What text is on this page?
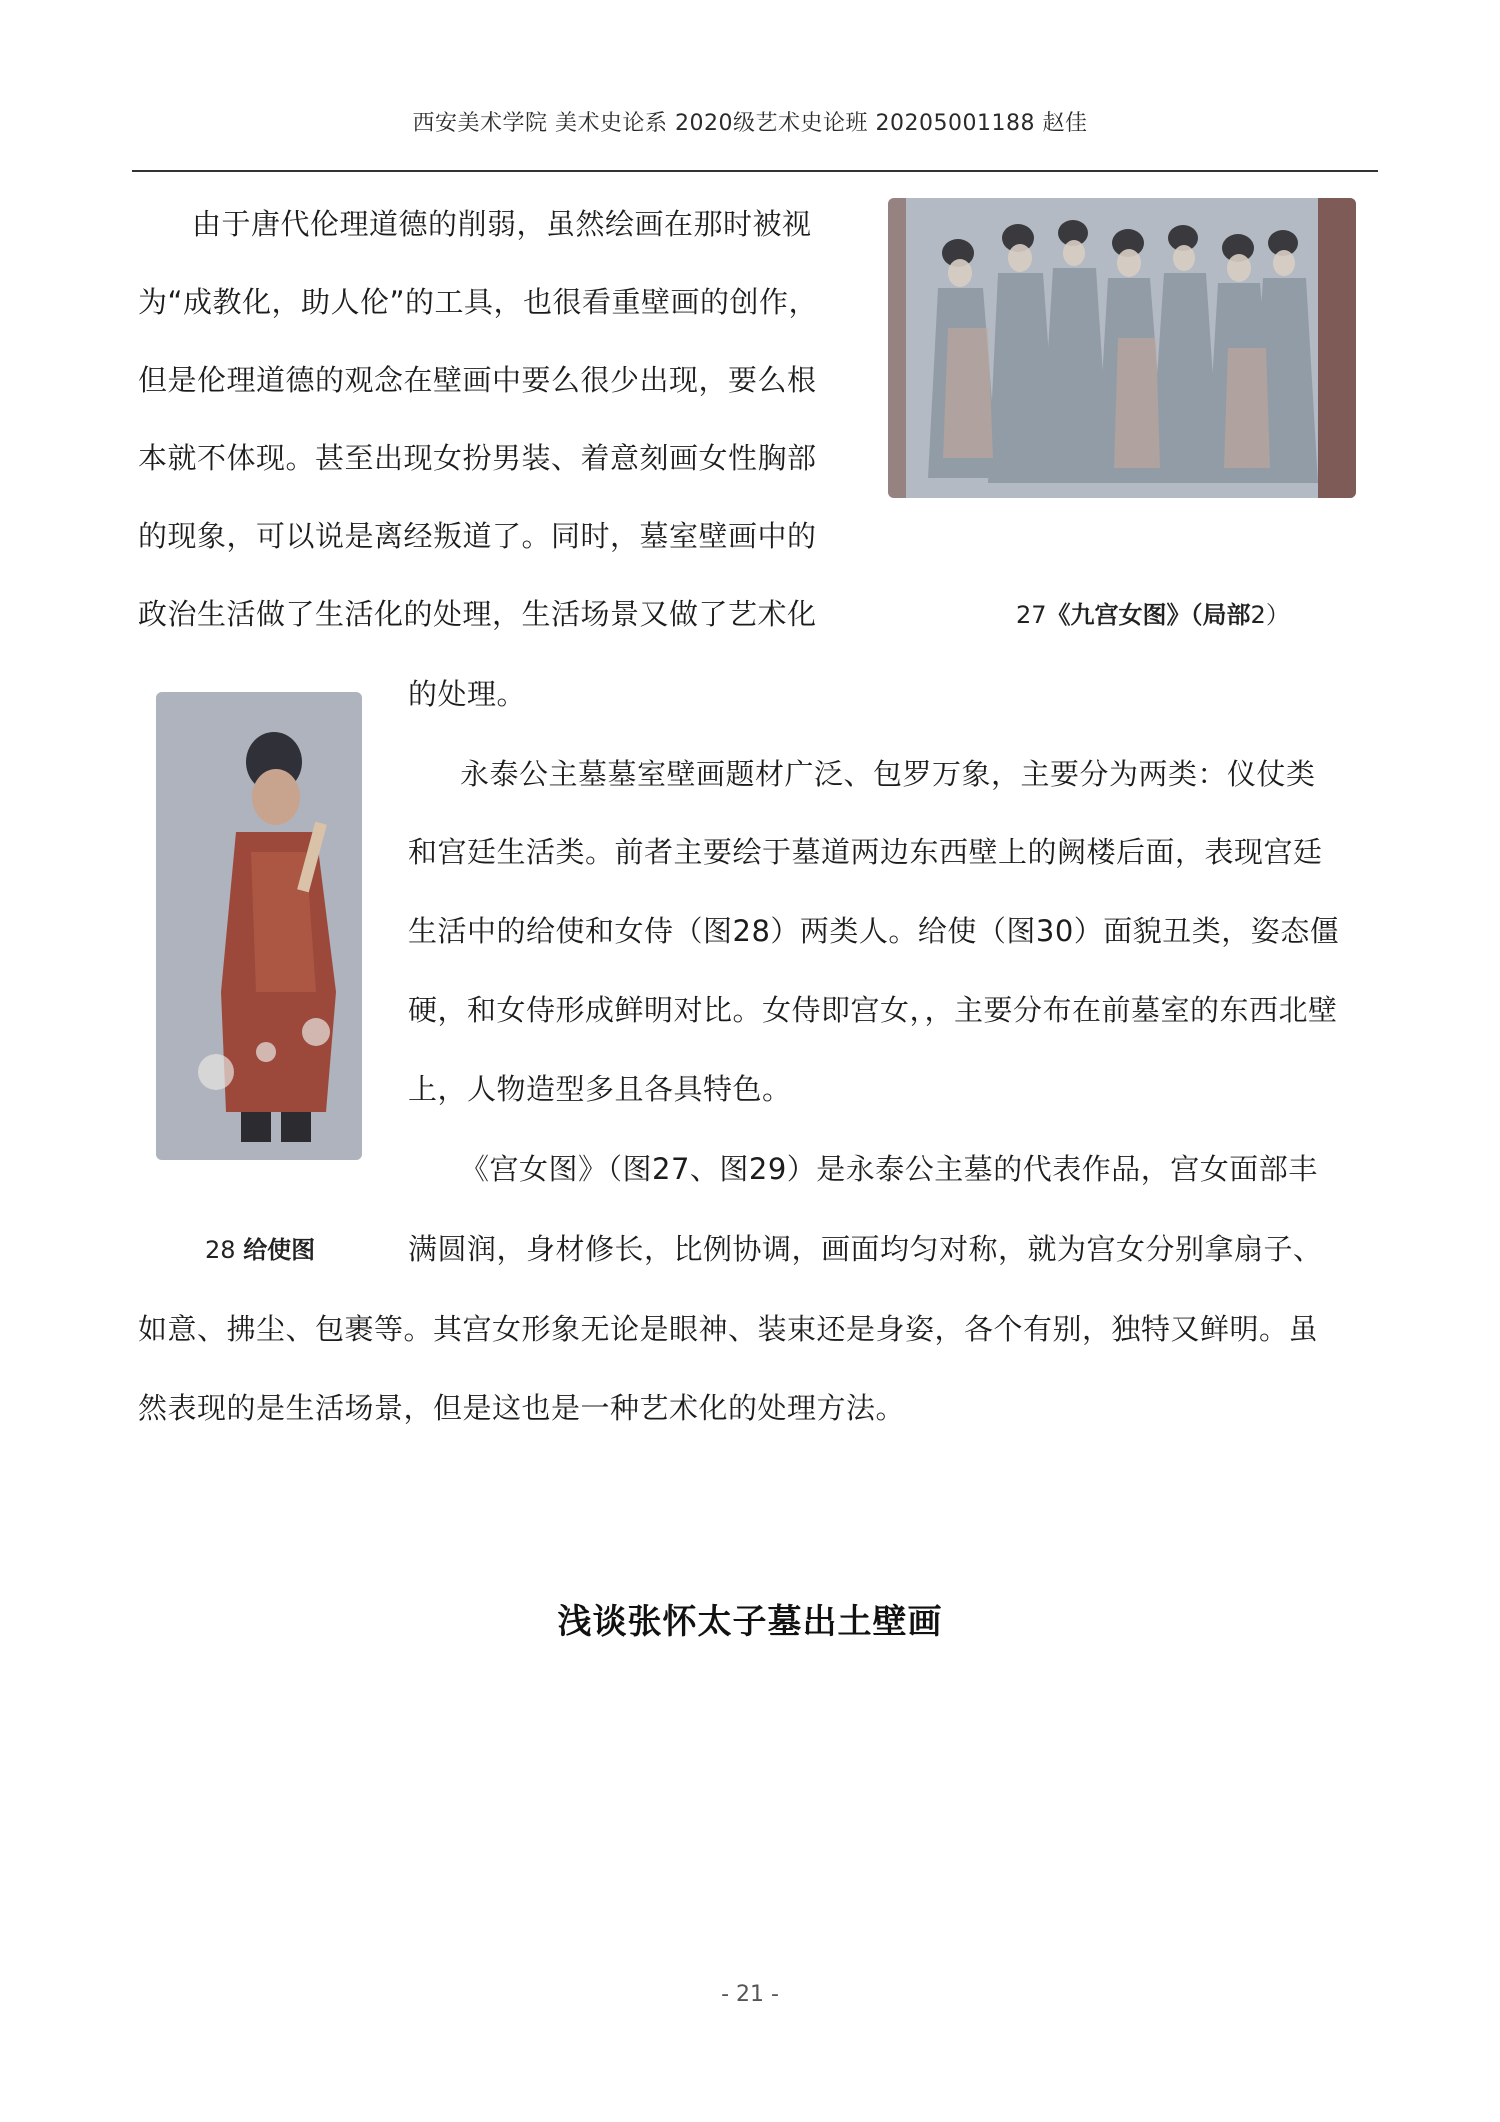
西安美术学院 美术史论系 2020级艺术史论班 20205001188 赵佳
27《九宫女图》（局部2）
28 给使图
由于唐代伦理道德的削弱，虽然绘画在那时被视
为“成教化，助人伦”的工具，也很看重壁画的创作，
但是伦理道德的观念在壁画中要么很少出现，要么根
本就不体现。甚至出现女扮男装、着意刻画女性胸部
的现象，可以说是离经叛道了。同时，墓室壁画中的
政治生活做了生活化的处理，生活场景又做了艺术化
的处理。
永泰公主墓墓室壁画题材广泛、包罗万象，主要分为两类：仪仗类
和宫廷生活类。前者主要绘于墓道两边东西壁上的阙楼后面，表现宫廷
生活中的给使和女侍（图28）两类人。给使（图30）面貌丑类，姿态僵
硬，和女侍形成鲜明对比。女侍即宫女，，主要分布在前墓室的东西北壁
上，人物造型多且各具特色。
《宫女图》（图27、图29）是永泰公主墓的代表作品，宫女面部丰
满圆润，身材修长，比例协调，画面均匀对称，就为宫女分别拿扇子、
如意、拂尘、包裹等。其宫女形象无论是眼神、装束还是身姿，各个有别，独特又鲜明。虽
然表现的是生活场景，但是这也是一种艺术化的处理方法。
浅谈张怀太子墓出土壁画
- 21 -
